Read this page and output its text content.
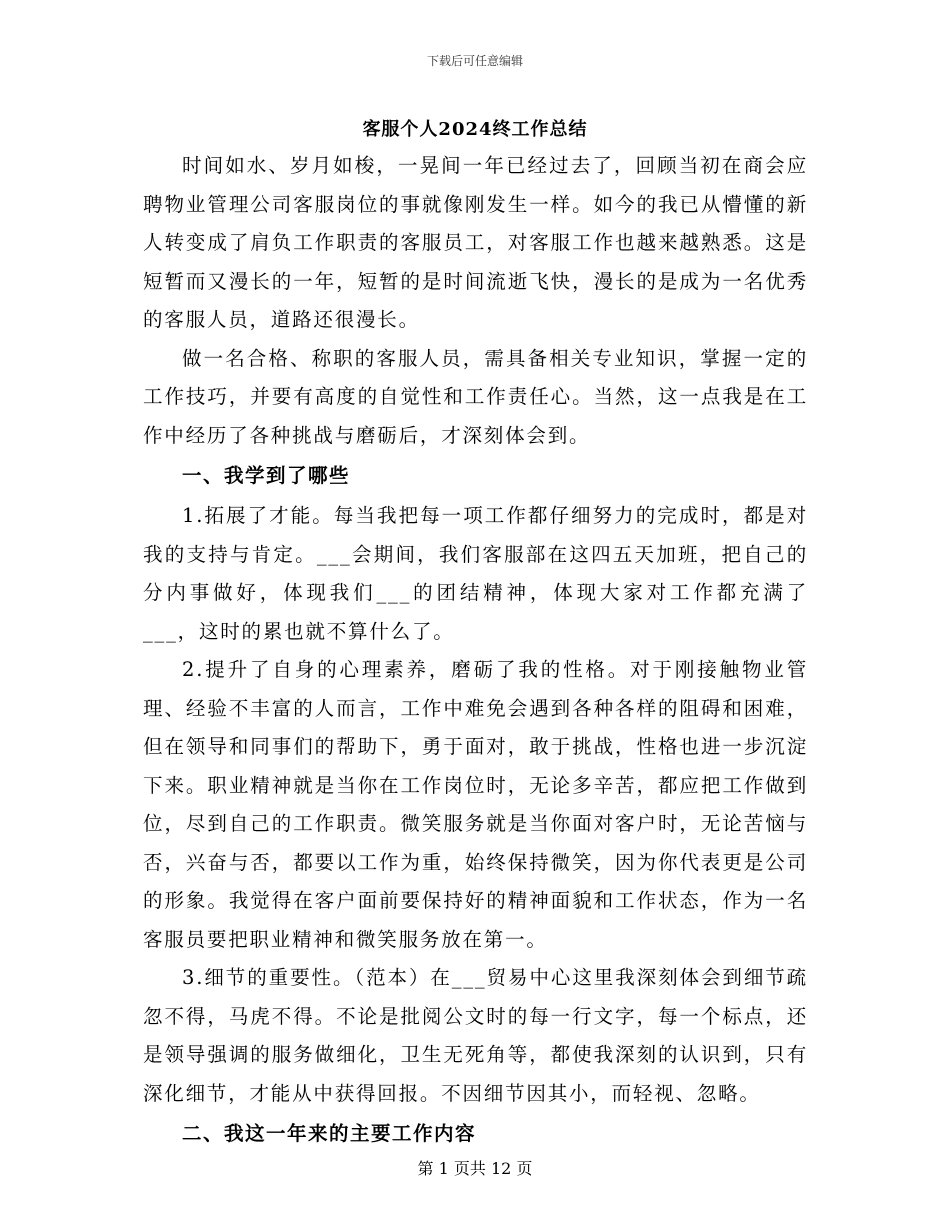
下载后可任意编辑
客服个人2024终工作总结

时间如水、岁月如梭，一晃间一年已经过去了，回顾当初在商会应聘物业管理公司客服岗位的事就像刚发生一样。如今的我已从懵懂的新人转变成了肩负工作职责的客服员工，对客服工作也越来越熟悉。这是短暂而又漫长的一年，短暂的是时间流逝飞快，漫长的是成为一名优秀的客服人员，道路还很漫长。

做一名合格、称职的客服人员，需具备相关专业知识，掌握一定的工作技巧，并要有高度的自觉性和工作责任心。当然，这一点我是在工作中经历了各种挑战与磨砺后，才深刻体会到。

一、我学到了哪些

1.拓展了才能。每当我把每一项工作都仔细努力的完成时，都是对我的支持与肯定。___会期间，我们客服部在这四五天加班，把自己的分内事做好，体现我们___的团结精神，体现大家对工作都充满了___，这时的累也就不算什么了。

2.提升了自身的心理素养，磨砺了我的性格。对于刚接触物业管理、经验不丰富的人而言，工作中难免会遇到各种各样的阻碍和困难，但在领导和同事们的帮助下，勇于面对，敢于挑战，性格也进一步沉淀下来。职业精神就是当你在工作岗位时，无论多辛苦，都应把工作做到位，尽到自己的工作职责。微笑服务就是当你面对客户时，无论苦恼与否，兴奋与否，都要以工作为重，始终保持微笑，因为你代表更是公司的形象。我觉得在客户面前要保持好的精神面貌和工作状态，作为一名客服员要把职业精神和微笑服务放在第一。

3.细节的重要性。（范本）在___贸易中心这里我深刻体会到细节疏忽不得，马虎不得。不论是批阅公文时的每一行文字，每一个标点，还是领导强调的服务做细化，卫生无死角等，都使我深刻的认识到，只有深化细节，才能从中获得回报。不因细节因其小，而轻视、忽略。

二、我这一年来的主要工作内容

第 1 页共 12 页
